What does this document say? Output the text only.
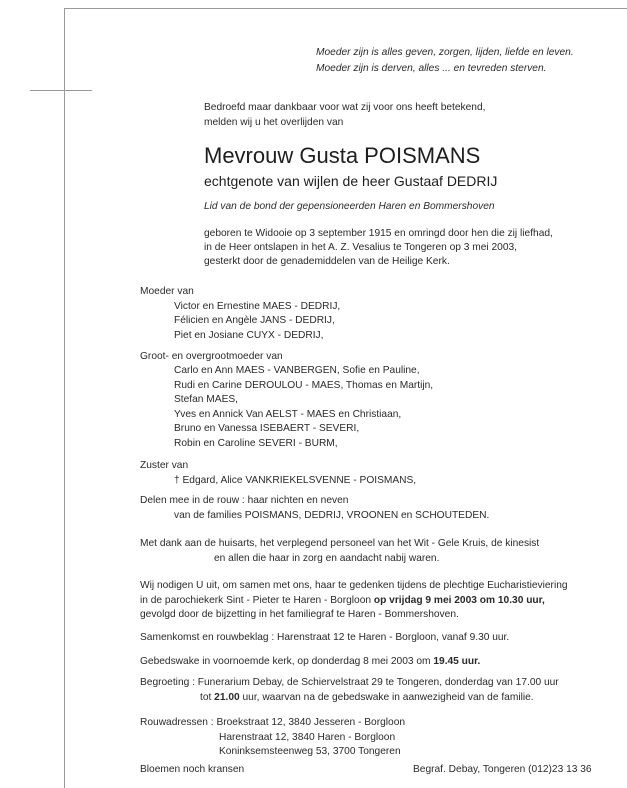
Moeder zijn is alles geven, zorgen, lijden, liefde en leven.
Moeder zijn is derven, alles ... en tevreden sterven.
Bedroefd maar dankbaar voor wat zij voor ons heeft betekend,
melden wij u het overlijden van
Mevrouw Gusta POISMANS
echtgenote van wijlen de heer Gustaaf DEDRIJ
Lid van de bond der gepensioneerden Haren en Bommershoven
geboren te Widooie op 3 september 1915 en omringd door hen die zij liefhad,
in de Heer ontslapen in het A. Z. Vesalius te Tongeren op 3 mei 2003,
gesterkt door de genademiddelen van de Heilige Kerk.
Moeder van
Victor en Ernestine MAES - DEDRIJ,
Félicien en Angèle JANS - DEDRIJ,
Piet en Josiane CUYX - DEDRIJ,
Groot- en overgrootmoeder van
Carlo en Ann MAES - VANBERGEN, Sofie en Pauline,
Rudi en Carine DEROULOU - MAES, Thomas en Martijn,
Stefan MAES,
Yves en Annick Van AELST - MAES en Christiaan,
Bruno en Vanessa ISEBAERT - SEVERI,
Robin en Caroline SEVERI - BURM,
Zuster van
† Edgard, Alice VANKRIEKELSVENNE - POISMANS,
Delen mee in de rouw : haar nichten en neven
van de families POISMANS, DEDRIJ, VROONEN en SCHOUTEDEN.
Met dank aan de huisarts, het verplegend personeel van het Wit - Gele Kruis, de kinesist
en allen die haar in zorg en aandacht nabij waren.
Wij nodigen U uit, om samen met ons, haar te gedenken tijdens de plechtige Eucharistieviering
in de parochiekerk Sint - Pieter te Haren - Borgloon op vrijdag 9 mei 2003 om 10.30 uur,
gevolgd door de bijzetting in het familiegraf te Haren - Bommershoven.
Samenkomst en rouwbeklag : Harenstraat 12 te Haren - Borgloon, vanaf 9.30 uur.
Gebedswake in voornoemde kerk, op donderdag 8 mei 2003 om 19.45 uur.
Begroeting : Funerarium Debay, de Schiervelstraat 29 te Tongeren, donderdag van 17.00 uur
tot 21.00 uur, waarvan na de gebedswake in aanwezigheid van de familie.
Rouwadressen : Broekstraat 12, 3840 Jesseren - Borgloon
Harenstraat 12, 3840 Haren - Borgloon
Koninksemsteenweg 53, 3700 Tongeren
Bloemen noch kransen	Begraf. Debay, Tongeren (012)23 13 36
